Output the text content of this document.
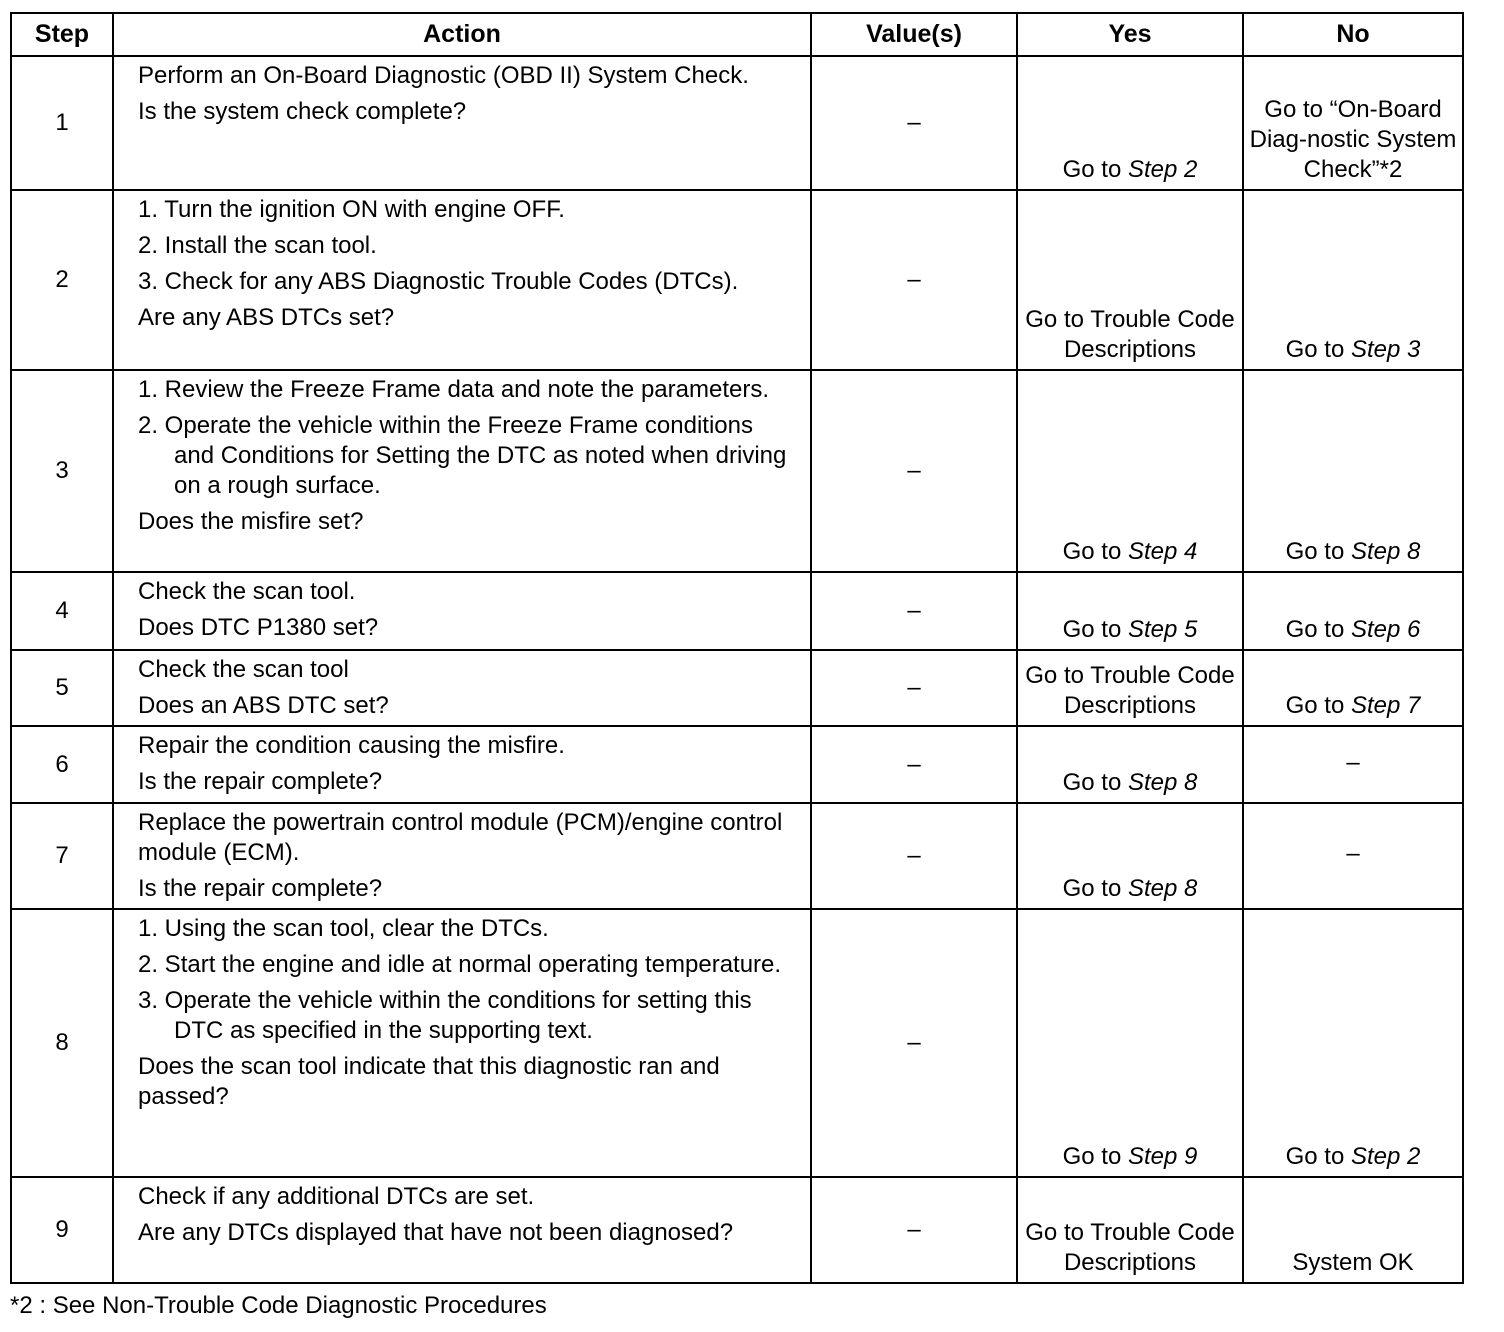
Step	Action	Value(s)	Yes	No
1	Perform an On-Board Diagnostic (OBD II) System Check.
Is the system check complete?	–	Go to Step 2	Go to “On-Board Diag-nostic System Check”*2
2	1. Turn the ignition ON with engine OFF.
2. Install the scan tool.
3. Check for any ABS Diagnostic Trouble Codes (DTCs).
Are any ABS DTCs set?	–	Go to Trouble Code Descriptions	Go to Step 3
3	1. Review the Freeze Frame data and note the parameters.
2. Operate the vehicle within the Freeze Frame conditions and Conditions for Setting the DTC as noted when driving on a rough surface.
Does the misfire set?	–	Go to Step 4	Go to Step 8
4	Check the scan tool.
Does DTC P1380 set?	–	Go to Step 5	Go to Step 6
5	Check the scan tool
Does an ABS DTC set?	–	Go to Trouble Code Descriptions	Go to Step 7
6	Repair the condition causing the misfire.
Is the repair complete?	–	Go to Step 8	–
7	Replace the powertrain control module (PCM)/engine control module (ECM).
Is the repair complete?	–	Go to Step 8	–
8	1. Using the scan tool, clear the DTCs.
2. Start the engine and idle at normal operating temperature.
3. Operate the vehicle within the conditions for setting this DTC as specified in the supporting text.
Does the scan tool indicate that this diagnostic ran and passed?	–	Go to Step 9	Go to Step 2
9	Check if any additional DTCs are set.
Are any DTCs displayed that have not been diagnosed?	–	Go to Trouble Code Descriptions	System OK
*2 : See Non-Trouble Code Diagnostic Procedures
